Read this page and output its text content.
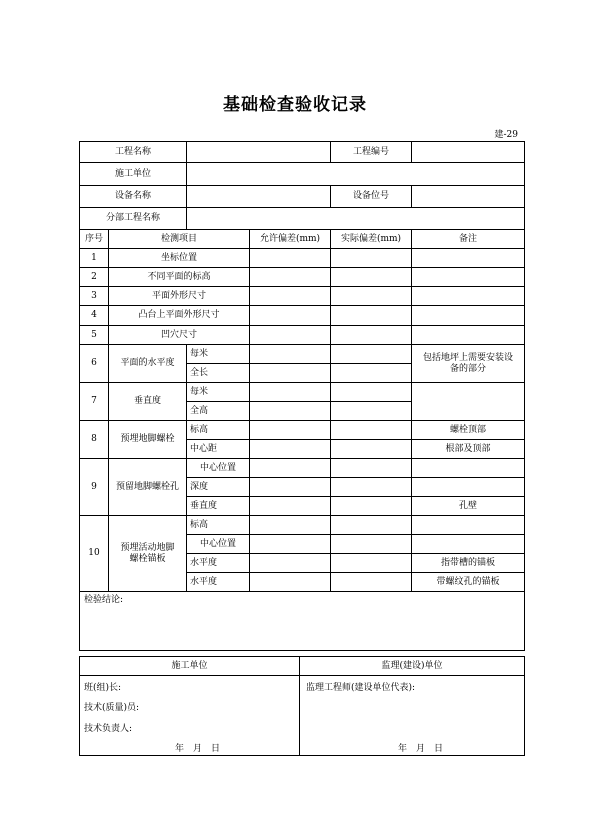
基础检查验收记录
建-29
工程名称				工程编号	
施工单位					
设备名称				设备位号	
分部工程名称					
序号	检测项目		允许偏差(mm)	实际偏差(mm)	备注
1	坐标位置				
2	不同平面的标高				
3	平面外形尺寸				
4	凸台上平面外形尺寸				
5	凹穴尺寸				
6	平面的水平度	每米			包括地坪上需要安装设备的部分
		全长			
7	垂直度	每米			
		全高			
8	预埋地脚螺栓	标高			螺栓顶部
		中心距			根部及顶部
9	预留地脚螺栓孔	中心位置			
		深度			
		垂直度			孔壁
10	预埋活动地脚螺栓锚板	标高			
		中心位置			
		水平度			指带槽的锚板
		水平度			带螺纹孔的锚板
检验结论:					
施工单位	监理(建设)单位

班(组)长:
技术(质量)员:
技术负责人:
年　月　日
监理工程师(建设单位代表):
年　月　日
